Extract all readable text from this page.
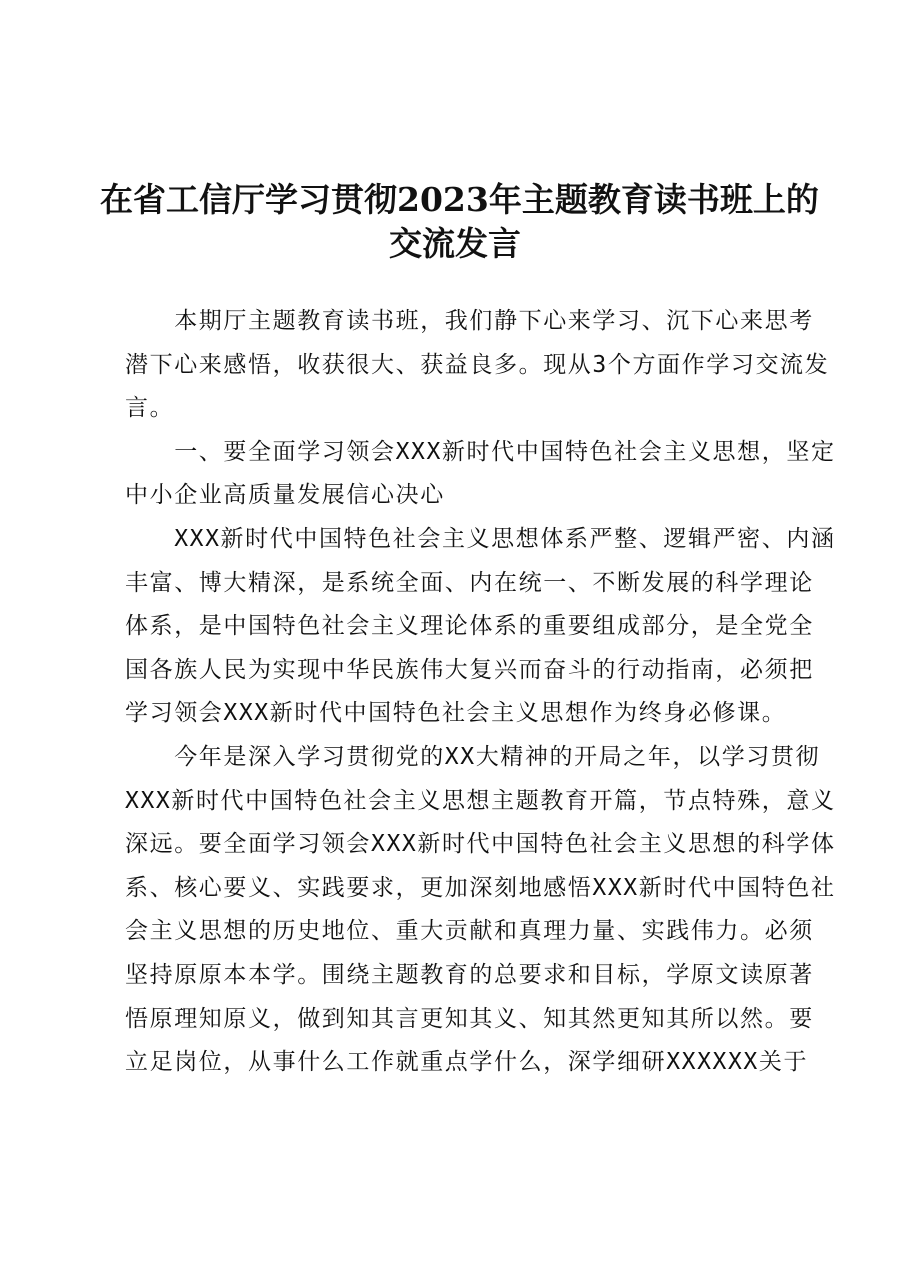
在省工信厅学习贯彻2023年主题教育读书班上的
交流发言

　　本期厅主题教育读书班，我们静下心来学习、沉下心来思考
潜下心来感悟，收获很大、获益良多。现从3个方面作学习交流发
言。

　　一、要全面学习领会XXX新时代中国特色社会主义思想，坚定
中小企业高质量发展信心决心

　　XXX新时代中国特色社会主义思想体系严整、逻辑严密、内涵
丰富、博大精深，是系统全面、内在统一、不断发展的科学理论
体系，是中国特色社会主义理论体系的重要组成部分，是全党全
国各族人民为实现中华民族伟大复兴而奋斗的行动指南，必须把
学习领会XXX新时代中国特色社会主义思想作为终身必修课。

　　今年是深入学习贯彻党的XX大精神的开局之年，以学习贯彻
XXX新时代中国特色社会主义思想主题教育开篇，节点特殊，意义
深远。要全面学习领会XXX新时代中国特色社会主义思想的科学体
系、核心要义、实践要求，更加深刻地感悟XXX新时代中国特色社
会主义思想的历史地位、重大贡献和真理力量、实践伟力。必须
坚持原原本本学。围绕主题教育的总要求和目标，学原文读原著
悟原理知原义，做到知其言更知其义、知其然更知其所以然。要
立足岗位，从事什么工作就重点学什么，深学细研XXXXXX关于
